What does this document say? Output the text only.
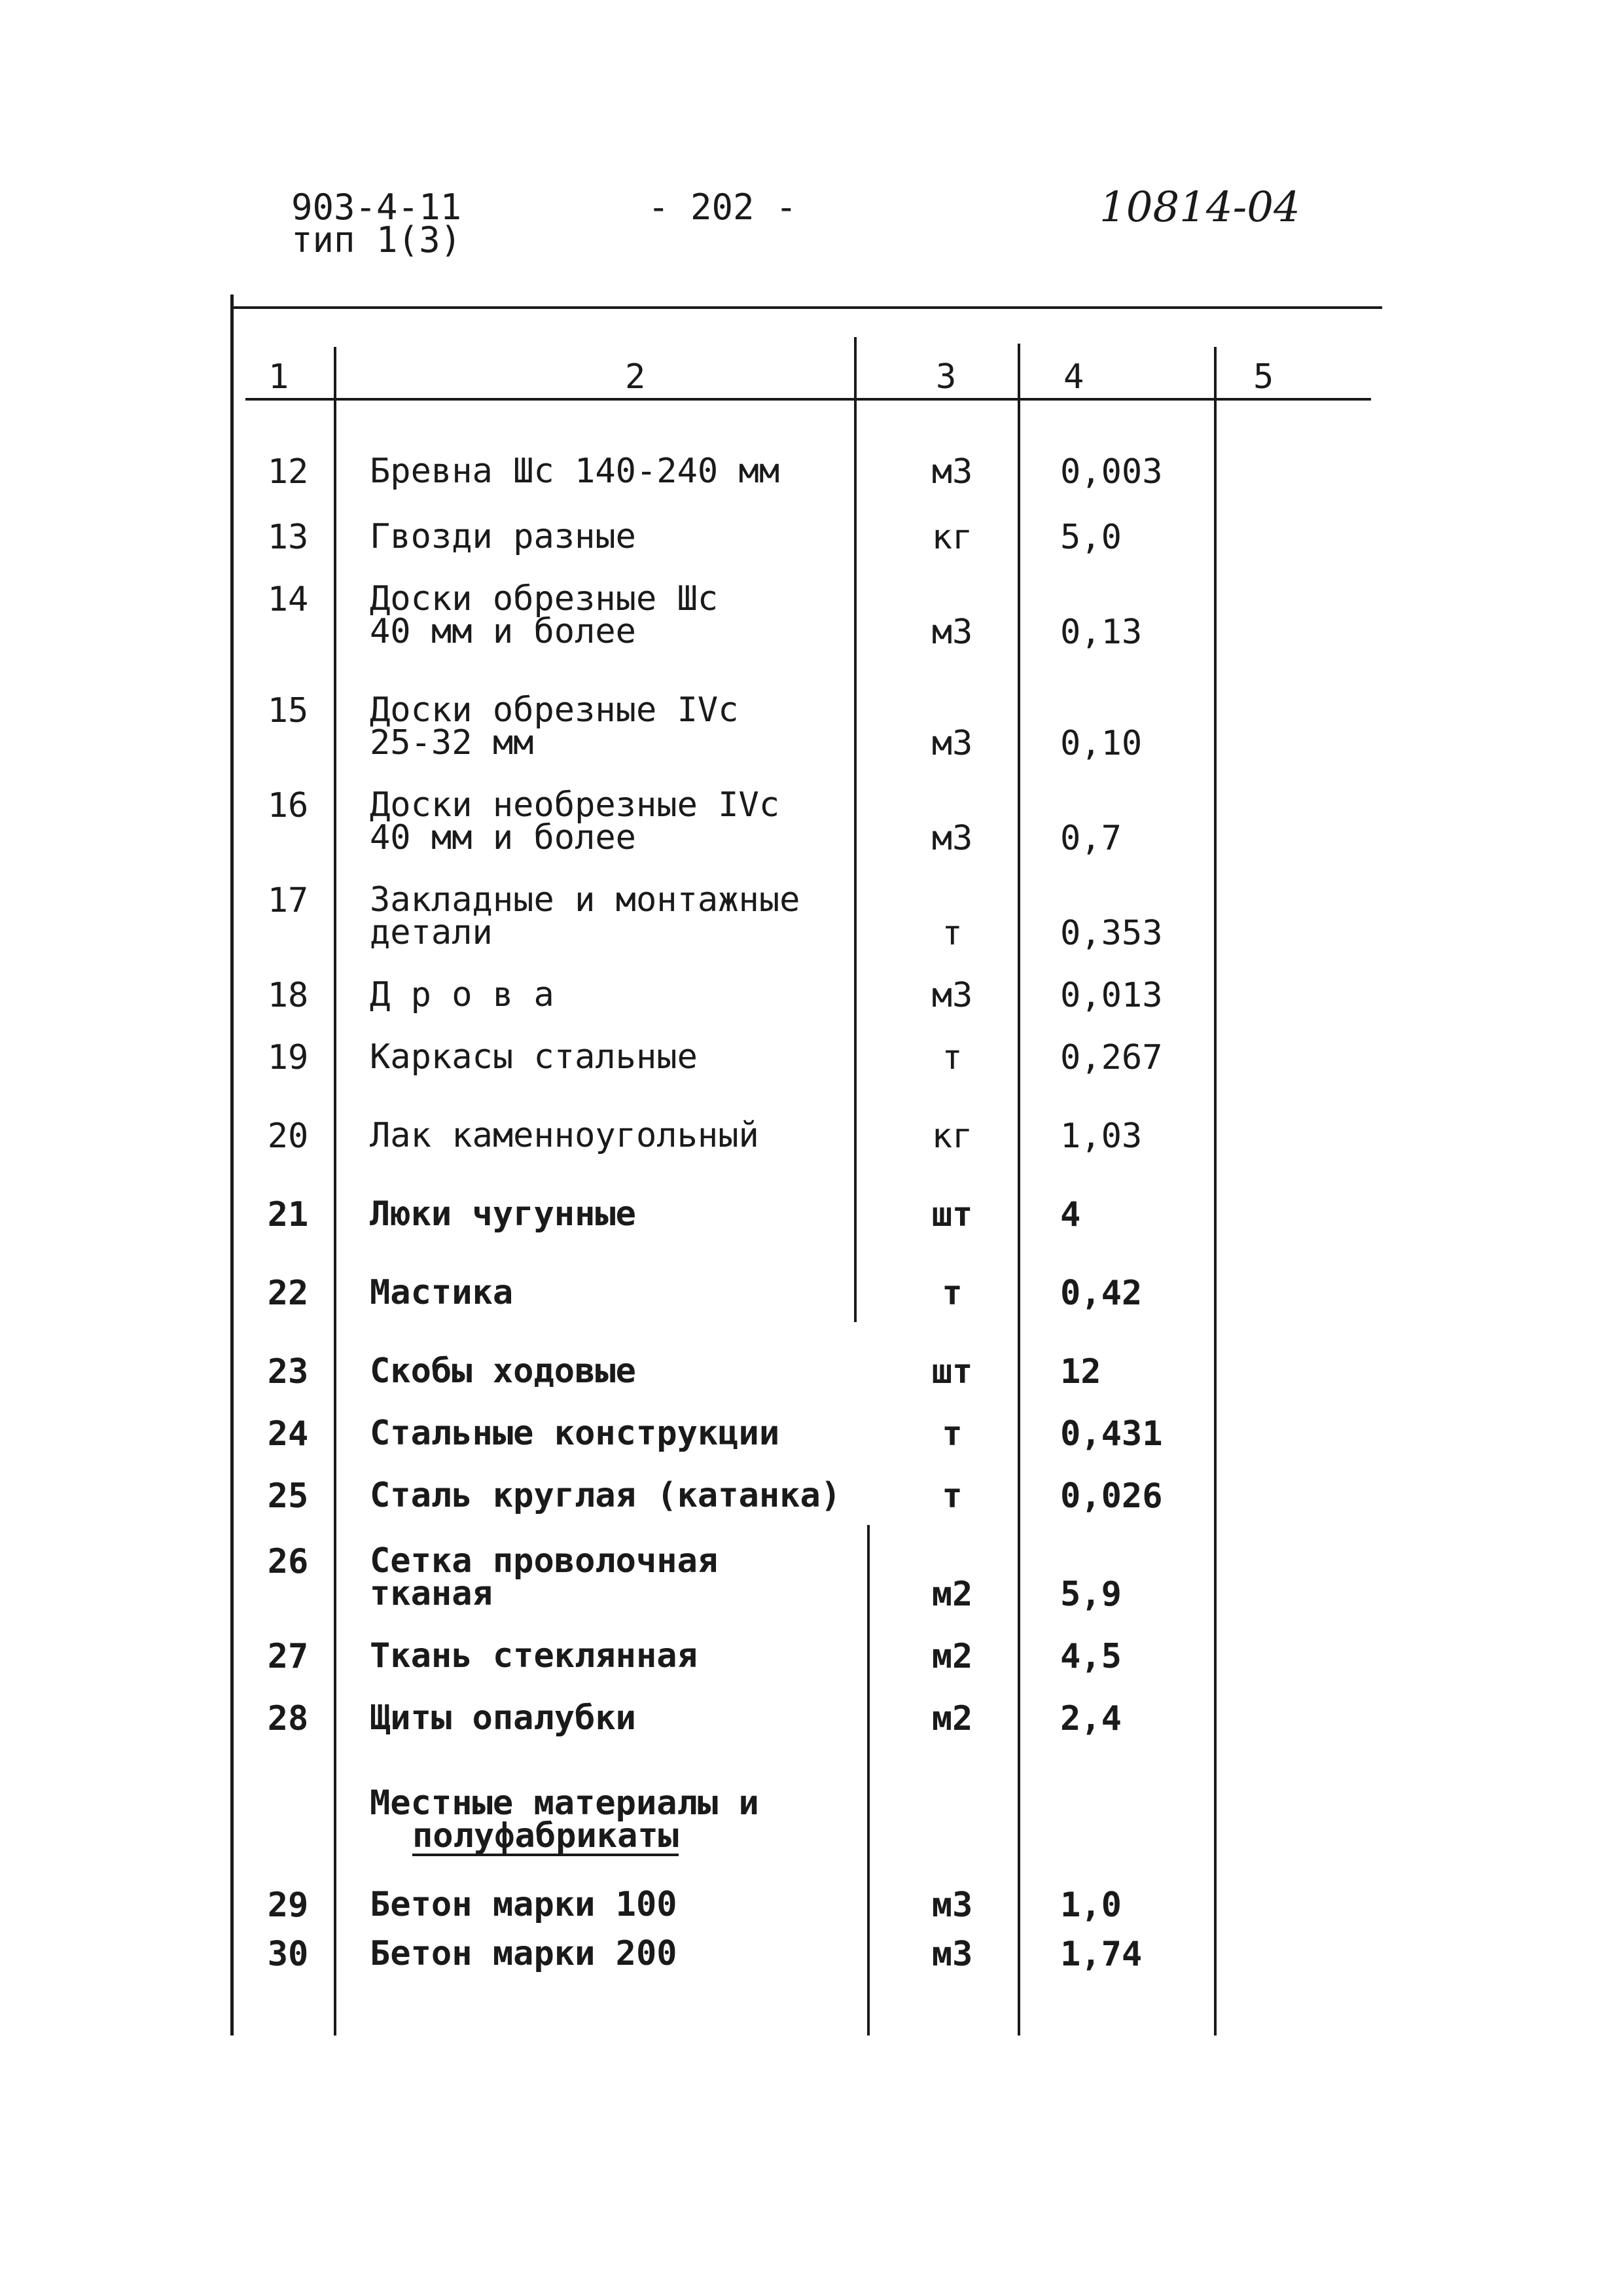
903-4-11
тип 1(3)
- 202 -	10814-04
1	2	3	4	5
12	Бревна Шс 140-240 мм	м3	0,003
13	Гвозди разные	кг	5,0
14	Доски обрезные Шс
40 мм и более	м3	0,13
15	Доски обрезные IVс
25-32 мм	м3	0,10
16	Доски необрезные IVс
40 мм и более	м3	0,7
17	Закладные и монтажные
детали	т	0,353
18	Д р о в а	м3	0,013
19	Каркасы стальные	т	0,267
20	Лак каменноугольный	кг	1,03
21	Люки чугунные	шт	4
22	Мастика	т	0,42
23	Скобы ходовые	шт	12
24	Стальные конструкции	т	0,431
25	Сталь круглая (катанка)	т	0,026
26	Сетка проволочная
тканая	м2	5,9
27	Ткань стеклянная	м2	4,5
28	Щиты опалубки	м2	2,4
Местные материалы и
полуфабрикаты
29	Бетон марки 100	м3	1,0
30	Бетон марки 200	м3	1,74
